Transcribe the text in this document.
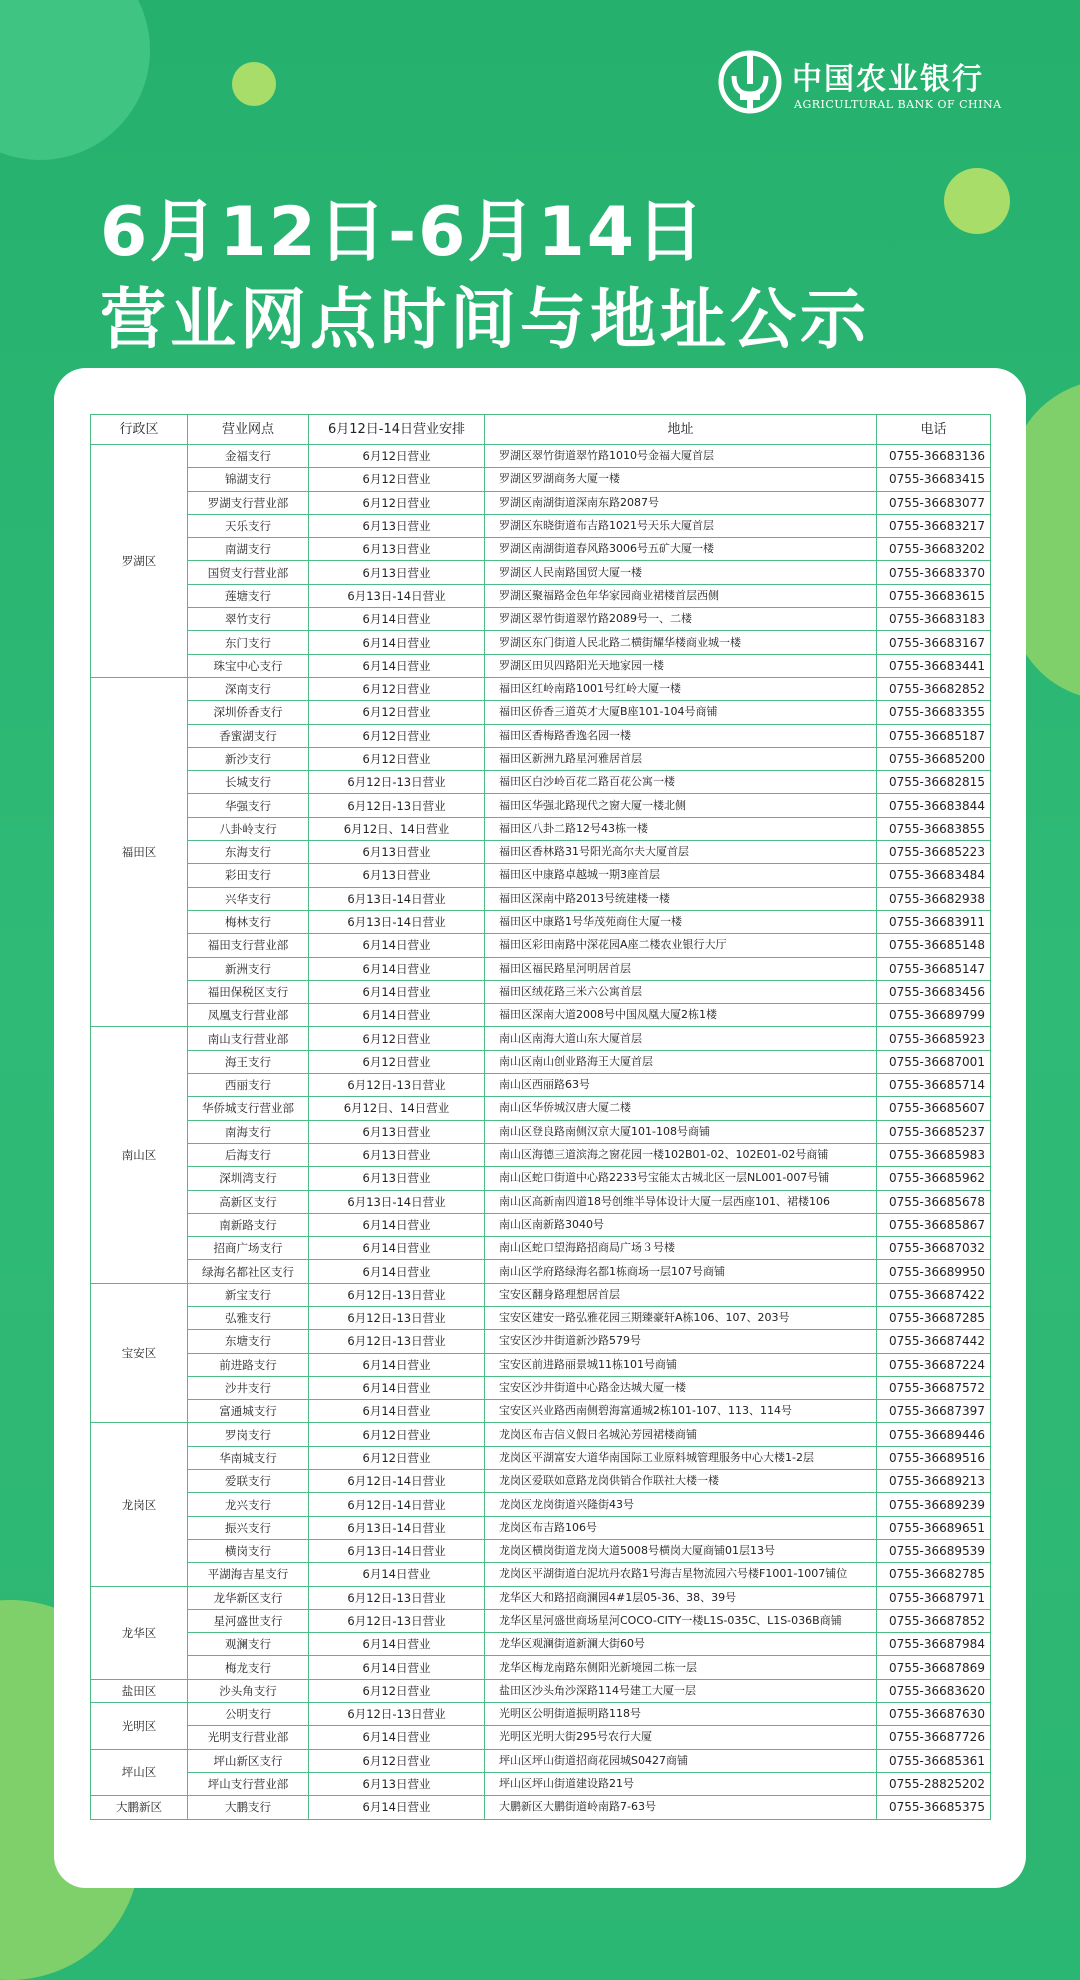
中国农业银行
AGRICULTURAL BANK OF CHINA
6月12日-6月14日
营业网点时间与地址公示
行政区	营业网点	6月12日-14日营业安排	地址	电话
罗湖区	金福支行	6月12日营业	罗湖区翠竹街道翠竹路1010号金福大厦首层	0755-36683136
	锦湖支行	6月12日营业	罗湖区罗湖商务大厦一楼	0755-36683415
	罗湖支行营业部	6月12日营业	罗湖区南湖街道深南东路2087号	0755-36683077
	天乐支行	6月13日营业	罗湖区东晓街道布吉路1021号天乐大厦首层	0755-36683217
	南湖支行	6月13日营业	罗湖区南湖街道春风路3006号五矿大厦一楼	0755-36683202
	国贸支行营业部	6月13日营业	罗湖区人民南路国贸大厦一楼	0755-36683370
	莲塘支行	6月13日-14日营业	罗湖区聚福路金色年华家园商业裙楼首层西侧	0755-36683615
	翠竹支行	6月14日营业	罗湖区翠竹街道翠竹路2089号一、二楼	0755-36683183
	东门支行	6月14日营业	罗湖区东门街道人民北路二横街耀华楼商业城一楼	0755-36683167
	珠宝中心支行	6月14日营业	罗湖区田贝四路阳光天地家园一楼	0755-36683441
福田区	深南支行	6月12日营业	福田区红岭南路1001号红岭大厦一楼	0755-36682852
	深圳侨香支行	6月12日营业	福田区侨香三道英才大厦B座101-104号商铺	0755-36683355
	香蜜湖支行	6月12日营业	福田区香梅路香逸名园一楼	0755-36685187
	新沙支行	6月12日营业	福田区新洲九路星河雅居首层	0755-36685200
	长城支行	6月12日-13日营业	福田区白沙岭百花二路百花公寓一楼	0755-36682815
	华强支行	6月12日-13日营业	福田区华强北路现代之窗大厦一楼北侧	0755-36683844
	八卦岭支行	6月12日、14日营业	福田区八卦二路12号43栋一楼	0755-36683855
	东海支行	6月13日营业	福田区香林路31号阳光高尔夫大厦首层	0755-36685223
	彩田支行	6月13日营业	福田区中康路卓越城一期3座首层	0755-36683484
	兴华支行	6月13日-14日营业	福田区深南中路2013号统建楼一楼	0755-36682938
	梅林支行	6月13日-14日营业	福田区中康路1号华茂苑商住大厦一楼	0755-36683911
	福田支行营业部	6月14日营业	福田区彩田南路中深花园A座二楼农业银行大厅	0755-36685148
	新洲支行	6月14日营业	福田区福民路星河明居首层	0755-36685147
	福田保税区支行	6月14日营业	福田区绒花路三米六公寓首层	0755-36683456
	凤凰支行营业部	6月14日营业	福田区深南大道2008号中国凤凰大厦2栋1楼	0755-36689799
南山区	南山支行营业部	6月12日营业	南山区南海大道山东大厦首层	0755-36685923
	海王支行	6月12日营业	南山区南山创业路海王大厦首层	0755-36687001
	西丽支行	6月12日-13日营业	南山区西丽路63号	0755-36685714
	华侨城支行营业部	6月12日、14日营业	南山区华侨城汉唐大厦二楼	0755-36685607
	南海支行	6月13日营业	南山区登良路南侧汉京大厦101-108号商铺	0755-36685237
	后海支行	6月13日营业	南山区海德三道滨海之窗花园一楼102B01-02、102E01-02号商铺	0755-36685983
	深圳湾支行	6月13日营业	南山区蛇口街道中心路2233号宝能太古城北区一层NL001-007号铺	0755-36685962
	高新区支行	6月13日-14日营业	南山区高新南四道18号创维半导体设计大厦一层西座101、裙楼106	0755-36685678
	南新路支行	6月14日营业	南山区南新路3040号	0755-36685867
	招商广场支行	6月14日营业	南山区蛇口望海路招商局广场３号楼	0755-36687032
	绿海名都社区支行	6月14日营业	南山区学府路绿海名都1栋商场一层107号商铺	0755-36689950
宝安区	新宝支行	6月12日-13日营业	宝安区翻身路理想居首层	0755-36687422
	弘雅支行	6月12日-13日营业	宝安区建安一路弘雅花园三期臻豪轩A栋106、107、203号	0755-36687285
	东塘支行	6月12日-13日营业	宝安区沙井街道新沙路579号	0755-36687442
	前进路支行	6月14日营业	宝安区前进路丽景城11栋101号商铺	0755-36687224
	沙井支行	6月14日营业	宝安区沙井街道中心路金达城大厦一楼	0755-36687572
	富通城支行	6月14日营业	宝安区兴业路西南侧碧海富通城2栋101-107、113、114号	0755-36687397
龙岗区	罗岗支行	6月12日营业	龙岗区布吉信义假日名城沁芳园裙楼商铺	0755-36689446
	华南城支行	6月12日营业	龙岗区平湖富安大道华南国际工业原料城管理服务中心大楼1-2层	0755-36689516
	爱联支行	6月12日-14日营业	龙岗区爱联如意路龙岗供销合作联社大楼一楼	0755-36689213
	龙兴支行	6月12日-14日营业	龙岗区龙岗街道兴隆街43号	0755-36689239
	振兴支行	6月13日-14日营业	龙岗区布吉路106号	0755-36689651
	横岗支行	6月13日-14日营业	龙岗区横岗街道龙岗大道5008号横岗大厦商铺01层13号	0755-36689539
	平湖海吉星支行	6月14日营业	龙岗区平湖街道白泥坑丹农路1号海吉星物流园六号楼F1001-1007铺位	0755-36682785
龙华区	龙华新区支行	6月12日-13日营业	龙华区大和路招商澜园4#1层05-36、38、39号	0755-36687971
	星河盛世支行	6月12日-13日营业	龙华区星河盛世商场星河COCO-CITY一楼L1S-035C、L1S-036B商铺	0755-36687852
	观澜支行	6月14日营业	龙华区观澜街道新澜大街60号	0755-36687984
	梅龙支行	6月14日营业	龙华区梅龙南路东侧阳光新境园二栋一层	0755-36687869
盐田区	沙头角支行	6月12日营业	盐田区沙头角沙深路114号建工大厦一层	0755-36683620
光明区	公明支行	6月12日-13日营业	光明区公明街道振明路118号	0755-36687630
	光明支行营业部	6月14日营业	光明区光明大街295号农行大厦	0755-36687726
坪山区	坪山新区支行	6月12日营业	坪山区坪山街道招商花园城S0427商铺	0755-36685361
	坪山支行营业部	6月13日营业	坪山区坪山街道建设路21号	0755-28825202
大鹏新区	大鹏支行	6月14日营业	大鹏新区大鹏街道岭南路7-63号	0755-36685375
